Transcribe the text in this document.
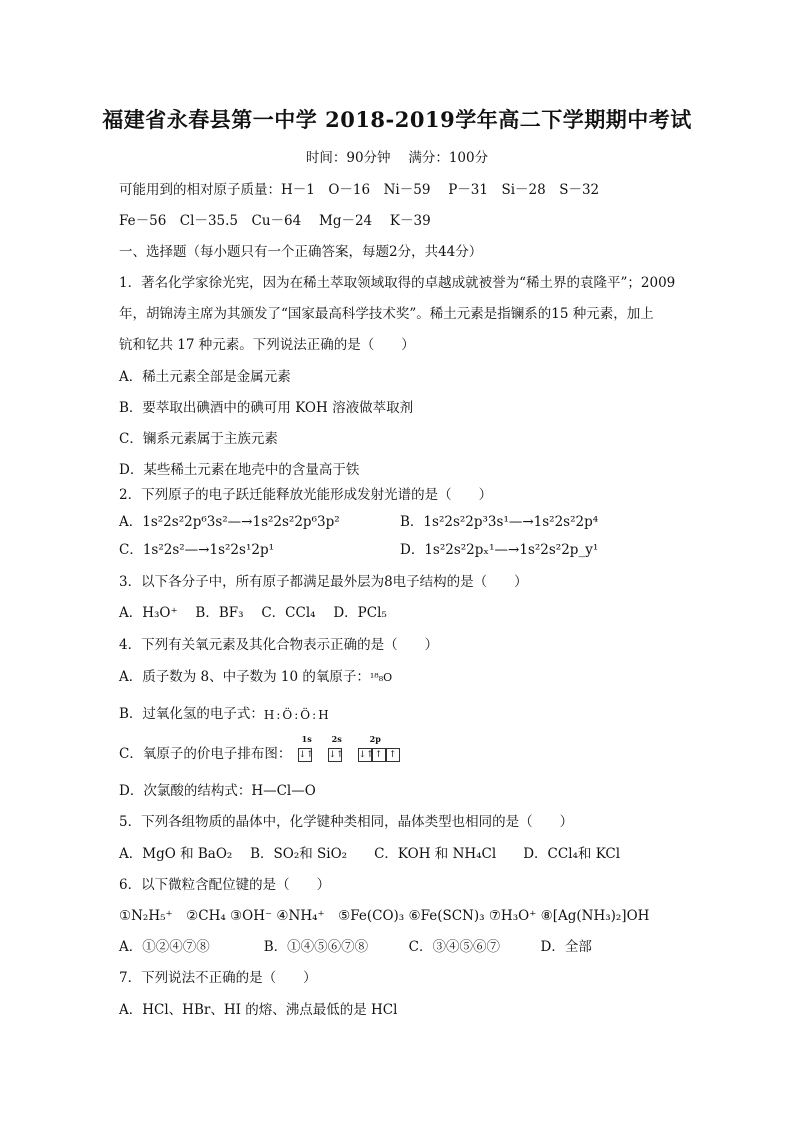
福建省永春县第一中学 2018-2019学年高二下学期期中考试
时间：90分钟　 满分：100分
可能用到的相对原子质量：H－1　O－16　Ni－59　 P－31　Si－28　S－32
Fe－56　Cl－35.5　Cu－64　 Mg－24　 K－39
一、选择题（每小题只有一个正确答案，每题2分，共44分）
1．著名化学家徐光宪，因为在稀土萃取领域取得的卓越成就被誉为“稀土界的袁隆平”；2009
年，胡锦涛主席为其颁发了“国家最高科学技术奖”。稀土元素是指镧系的15 种元素，加上
钪和钇共 17 种元素。下列说法正确的是（　　）
A．稀土元素全部是金属元素
B．要萃取出碘酒中的碘可用 KOH 溶液做萃取剂
C．镧系元素属于主族元素
D．某些稀土元素在地壳中的含量高于铁
2．下列原子的电子跃迁能释放光能形成发射光谱的是（　　）
A．1s²2s²2p⁶3s²—→1s²2s²2p⁶3p²	B．1s²2s²2p³3s¹—→1s²2s²2p⁴
C．1s²2s²—→1s²2s¹2p¹	D．1s²2s²2pₓ¹—→1s²2s²2p_y¹
3．以下各分子中，所有原子都满足最外层为8电子结构的是（　　）
A．H₃O⁺　 B．BF₃　 C．CCl₄　 D．PCl₅
4．下列有关氧元素及其化合物表示正确的是（　　）
A．质子数为 8、中子数为 10 的氧原子：¹⁸₈O
B．过氧化氢的电子式：H:Ö:Ö:H
C．氧原子的价电子排布图：
1s 2s	2p
↓↑ ↓↑ ↓↑ ↑ ↑
D．次氯酸的结构式：H—Cl—O
5．下列各组物质的晶体中，化学键种类相同，晶体类型也相同的是（　　）
A．MgO 和 BaO₂　 B．SO₂和 SiO₂　　C．KOH 和 NH₄Cl　　D．CCl₄和 KCl
6．以下微粒含配位键的是（　　）
①N₂H₅⁺　②CH₄ ③OH⁻ ④NH₄⁺　⑤Fe(CO)₃ ⑥Fe(SCN)₃ ⑦H₃O⁺ ⑧[Ag(NH₃)₂]OH
A．①②④⑦⑧　　　　B．①④⑤⑥⑦⑧　　　C．③④⑤⑥⑦　　　D．全部
7．下列说法不正确的是（　　）
A．HCl、HBr、HI 的熔、沸点最低的是 HCl
